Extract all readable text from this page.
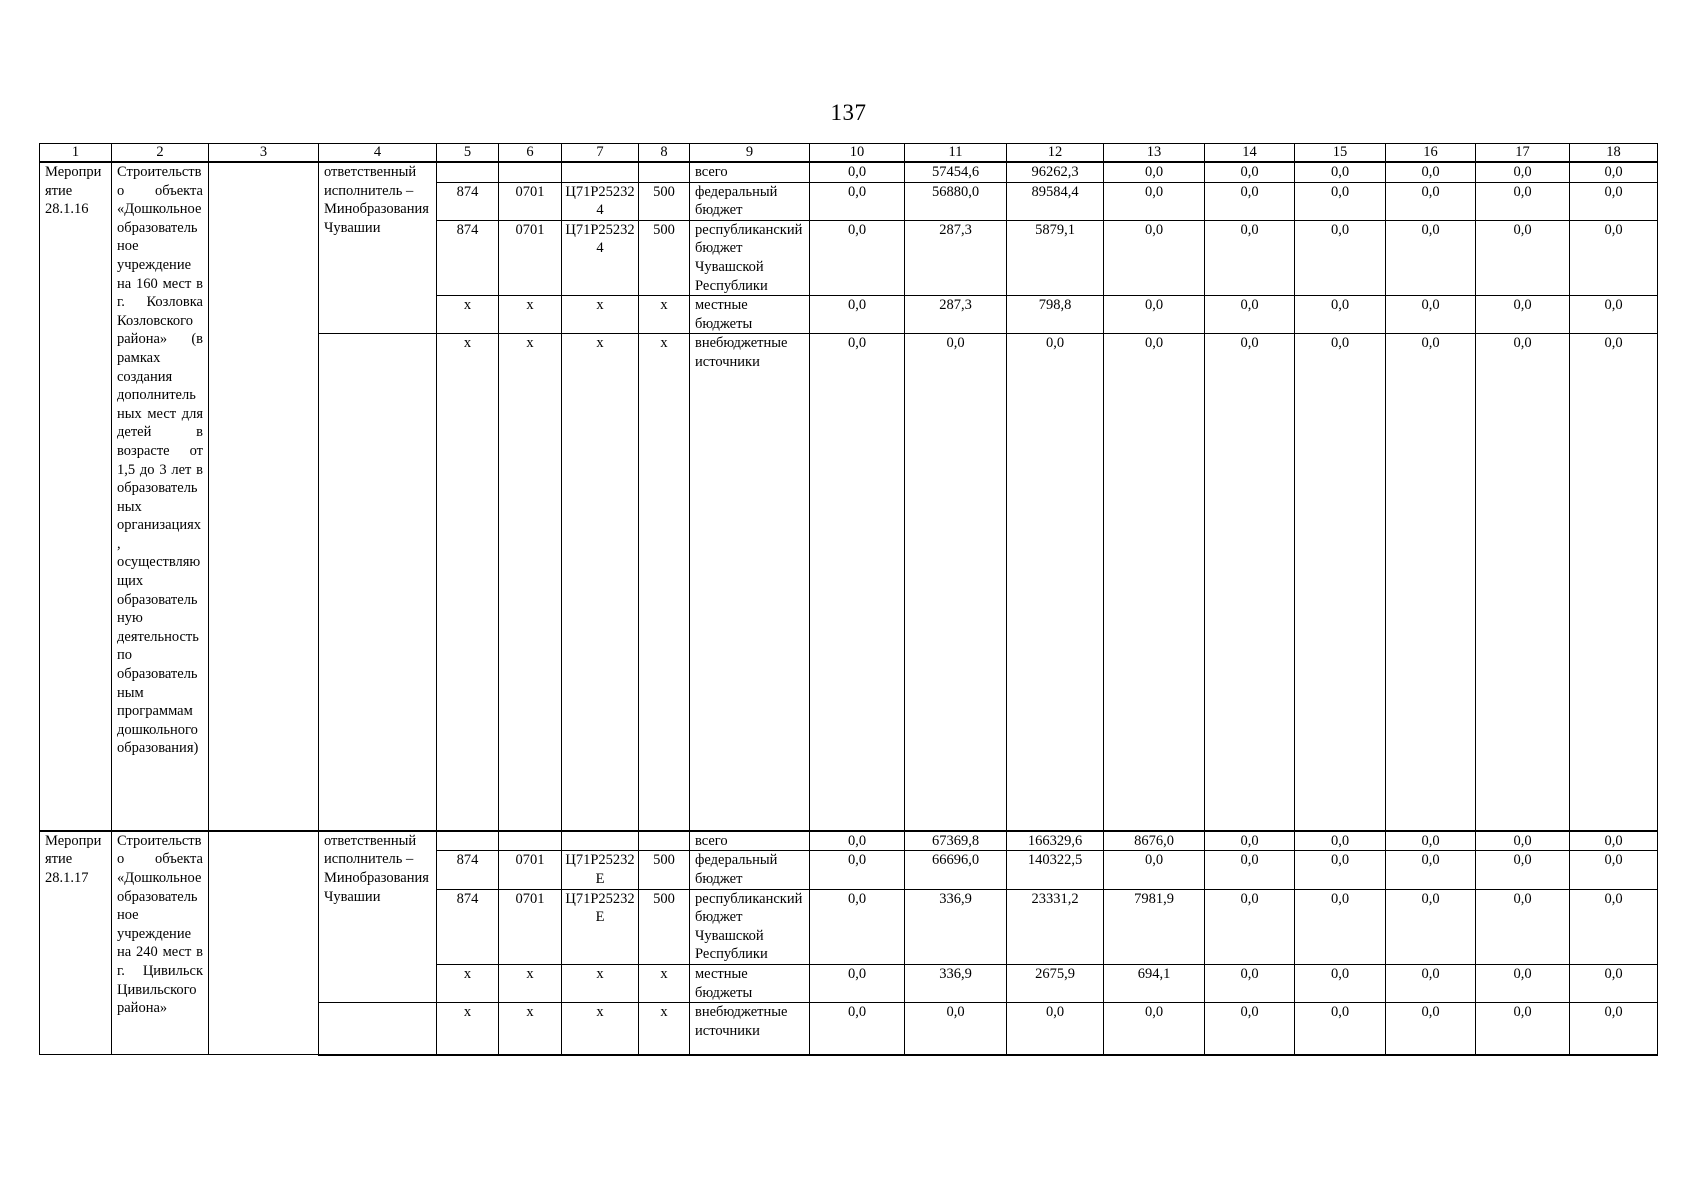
137
1	2	3	4	5	6	7	8	9	10	11	12	13	14	15	16	17	18
Мероприятие 28.1.16	Строительство объекта «Дошкольное образовательное учреждение на 160 мест в г. Козловка Козловского района» (в рамках создания дополнительных мест для детей в возрасте от 1,5 до 3 лет в образовательных организациях, осуществляющих образовательную деятельность по образовательным программам дошкольного образования)		ответственный исполнитель – Минобразования Чувашии					всего	0,0	57454,6	96262,3	0,0	0,0	0,0	0,0	0,0	0,0
				874	0701	Ц71Р252324	500	федеральный бюджет	0,0	56880,0	89584,4	0,0	0,0	0,0	0,0	0,0	0,0
				874	0701	Ц71Р252324	500	республиканский бюджет Чувашской Республики	0,0	287,3	5879,1	0,0	0,0	0,0	0,0	0,0	0,0
				x	x	x	x	местные бюджеты	0,0	287,3	798,8	0,0	0,0	0,0	0,0	0,0	0,0
				x	x	x	x	внебюджетные источники	0,0	0,0	0,0	0,0	0,0	0,0	0,0	0,0	0,0
Мероприятие 28.1.17	Строительство объекта «Дошкольное образовательное учреждение на 240 мест в г. Цивильск Цивильского района»		ответственный исполнитель – Минобразования Чувашии					всего	0,0	67369,8	166329,6	8676,0	0,0	0,0	0,0	0,0	0,0
				874	0701	Ц71Р25232Е	500	федеральный бюджет	0,0	66696,0	140322,5	0,0	0,0	0,0	0,0	0,0	0,0
				874	0701	Ц71Р25232Е	500	республиканский бюджет Чувашской Республики	0,0	336,9	23331,2	7981,9	0,0	0,0	0,0	0,0	0,0
				x	x	x	x	местные бюджеты	0,0	336,9	2675,9	694,1	0,0	0,0	0,0	0,0	0,0
				x	x	x	x	внебюджетные источники	0,0	0,0	0,0	0,0	0,0	0,0	0,0	0,0	0,0
